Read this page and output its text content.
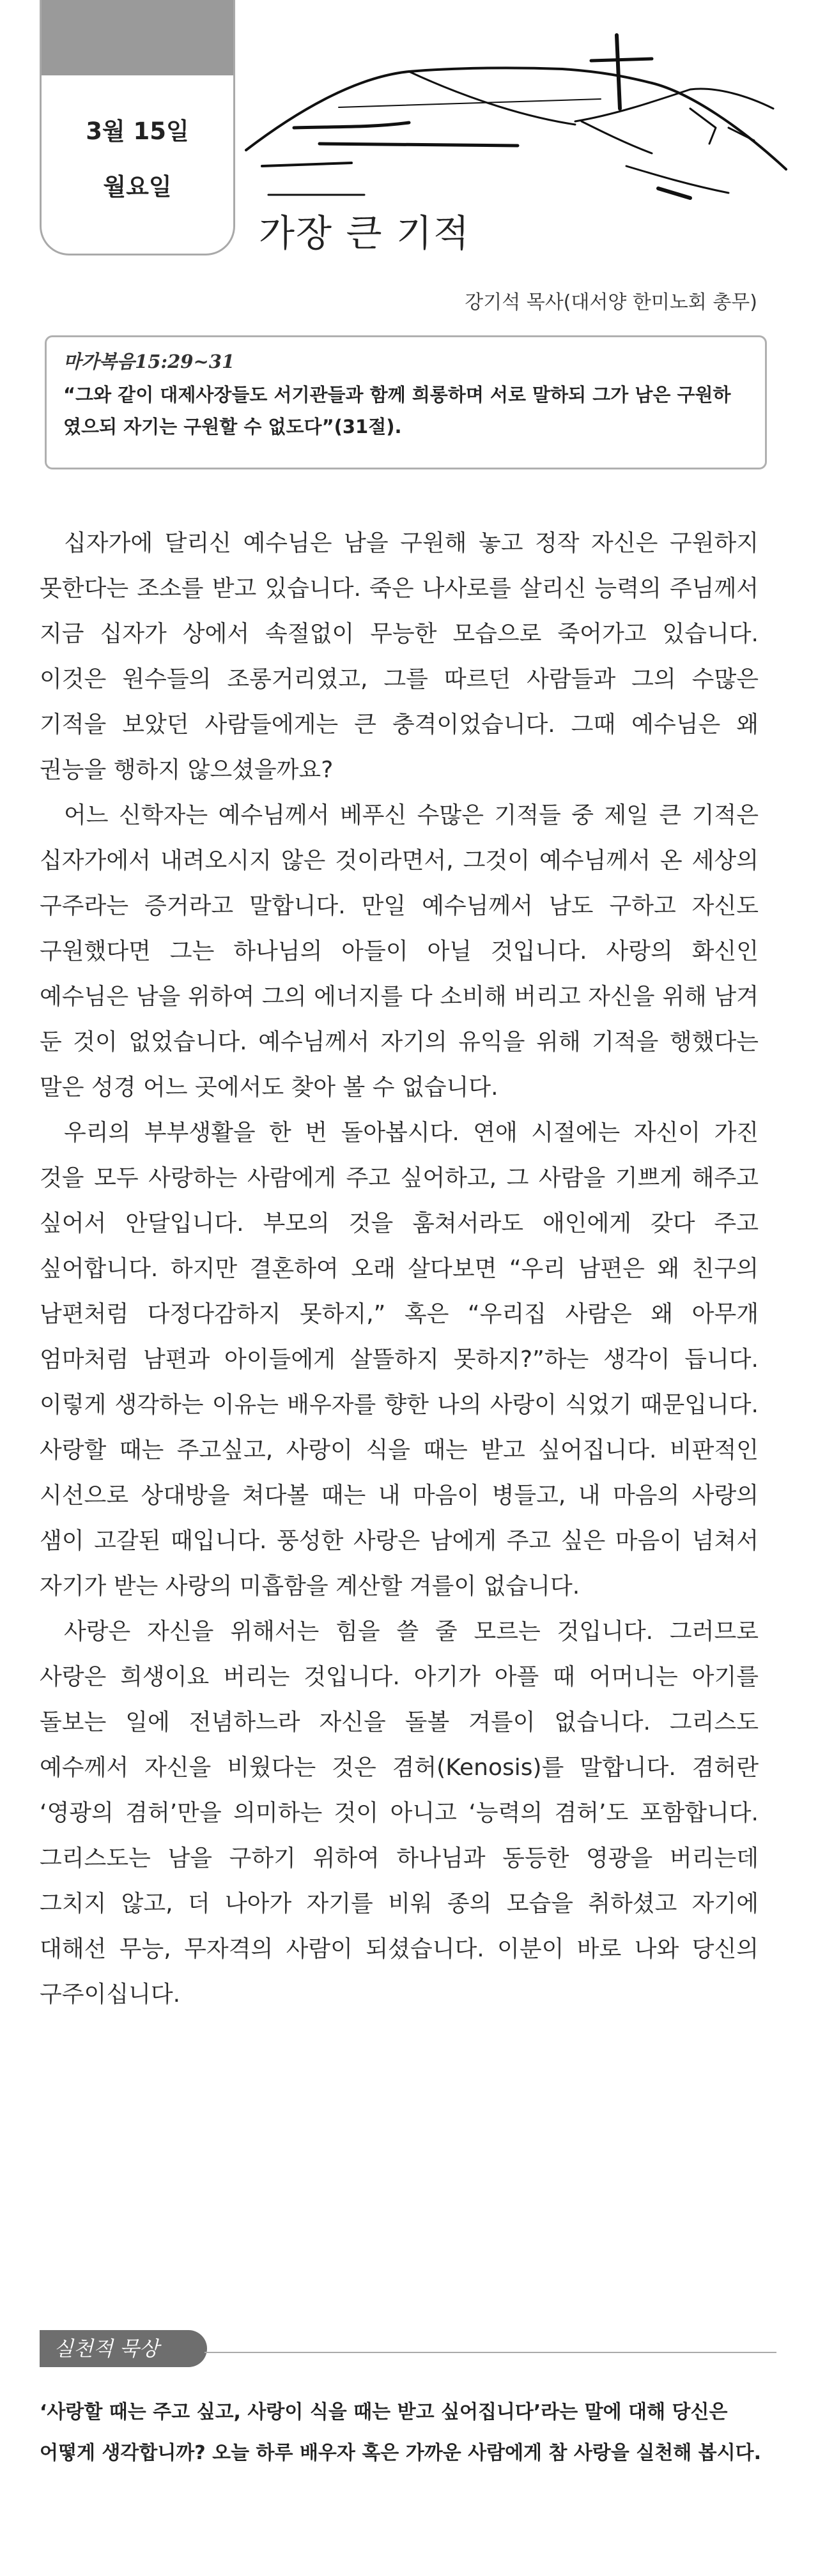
3월 15일
월요일
가장 큰 기적
강기석 목사(대서양 한미노회 총무)
마가복음15:29~31
“그와 같이 대제사장들도 서기관들과 함께 희롱하며 서로 말하되 그가 남은 구원하였으되 자기는 구원할 수 없도다”(31절).

십자가에 달리신 예수님은 남을 구원해 놓고 정작 자신은 구원하지 못한다는 조소를 받고 있습니다. 죽은 나사로를 살리신 능력의 주님께서 지금 십자가 상에서 속절없이 무능한 모습으로 죽어가고 있습니다. 이것은 원수들의 조롱거리였고, 그를 따르던 사람들과 그의 수많은 기적을 보았던 사람들에게는 큰 충격이었습니다. 그때 예수님은 왜 권능을 행하지 않으셨을까요?

어느 신학자는 예수님께서 베푸신 수많은 기적들 중 제일 큰 기적은 십자가에서 내려오시지 않은 것이라면서, 그것이 예수님께서 온 세상의 구주라는 증거라고 말합니다. 만일 예수님께서 남도 구하고 자신도 구원했다면 그는 하나님의 아들이 아닐 것입니다. 사랑의 화신인 예수님은 남을 위하여 그의 에너지를 다 소비해 버리고 자신을 위해 남겨 둔 것이 없었습니다. 예수님께서 자기의 유익을 위해 기적을 행했다는 말은 성경 어느 곳에서도 찾아 볼 수 없습니다.

우리의 부부생활을 한 번 돌아봅시다. 연애 시절에는 자신이 가진 것을 모두 사랑하는 사람에게 주고 싶어하고, 그 사람을 기쁘게 해주고 싶어서 안달입니다. 부모의 것을 훔쳐서라도 애인에게 갖다 주고 싶어합니다. 하지만 결혼하여 오래 살다보면 “우리 남편은 왜 친구의 남편처럼 다정다감하지 못하지,” 혹은 “우리집 사람은 왜 아무개 엄마처럼 남편과 아이들에게 살뜰하지 못하지?”하는 생각이 듭니다. 이렇게 생각하는 이유는 배우자를 향한 나의 사랑이 식었기 때문입니다. 사랑할 때는 주고싶고, 사랑이 식을 때는 받고 싶어집니다. 비판적인 시선으로 상대방을 쳐다볼 때는 내 마음이 병들고, 내 마음의 사랑의 샘이 고갈된 때입니다. 풍성한 사랑은 남에게 주고 싶은 마음이 넘쳐서 자기가 받는 사랑의 미흡함을 계산할 겨를이 없습니다.

사랑은 자신을 위해서는 힘을 쓸 줄 모르는 것입니다. 그러므로 사랑은 희생이요 버리는 것입니다. 아기가 아플 때 어머니는 아기를 돌보는 일에 전념하느라 자신을 돌볼 겨를이 없습니다. 그리스도 예수께서 자신을 비웠다는 것은 겸허(Kenosis)를 말합니다. 겸허란 ‘영광의 겸허’만을 의미하는 것이 아니고 ‘능력의 겸허’도 포함합니다. 그리스도는 남을 구하기 위하여 하나님과 동등한 영광을 버리는데 그치지 않고, 더 나아가 자기를 비워 종의 모습을 취하셨고 자기에 대해선 무능, 무자격의 사람이 되셨습니다. 이분이 바로 나와 당신의 구주이십니다.

실천적 묵상
‘사랑할 때는 주고 싶고, 사랑이 식을 때는 받고 싶어집니다’라는 말에 대해 당신은 어떻게 생각합니까? 오늘 하루 배우자 혹은 가까운 사람에게 참 사랑을 실천해 봅시다.
